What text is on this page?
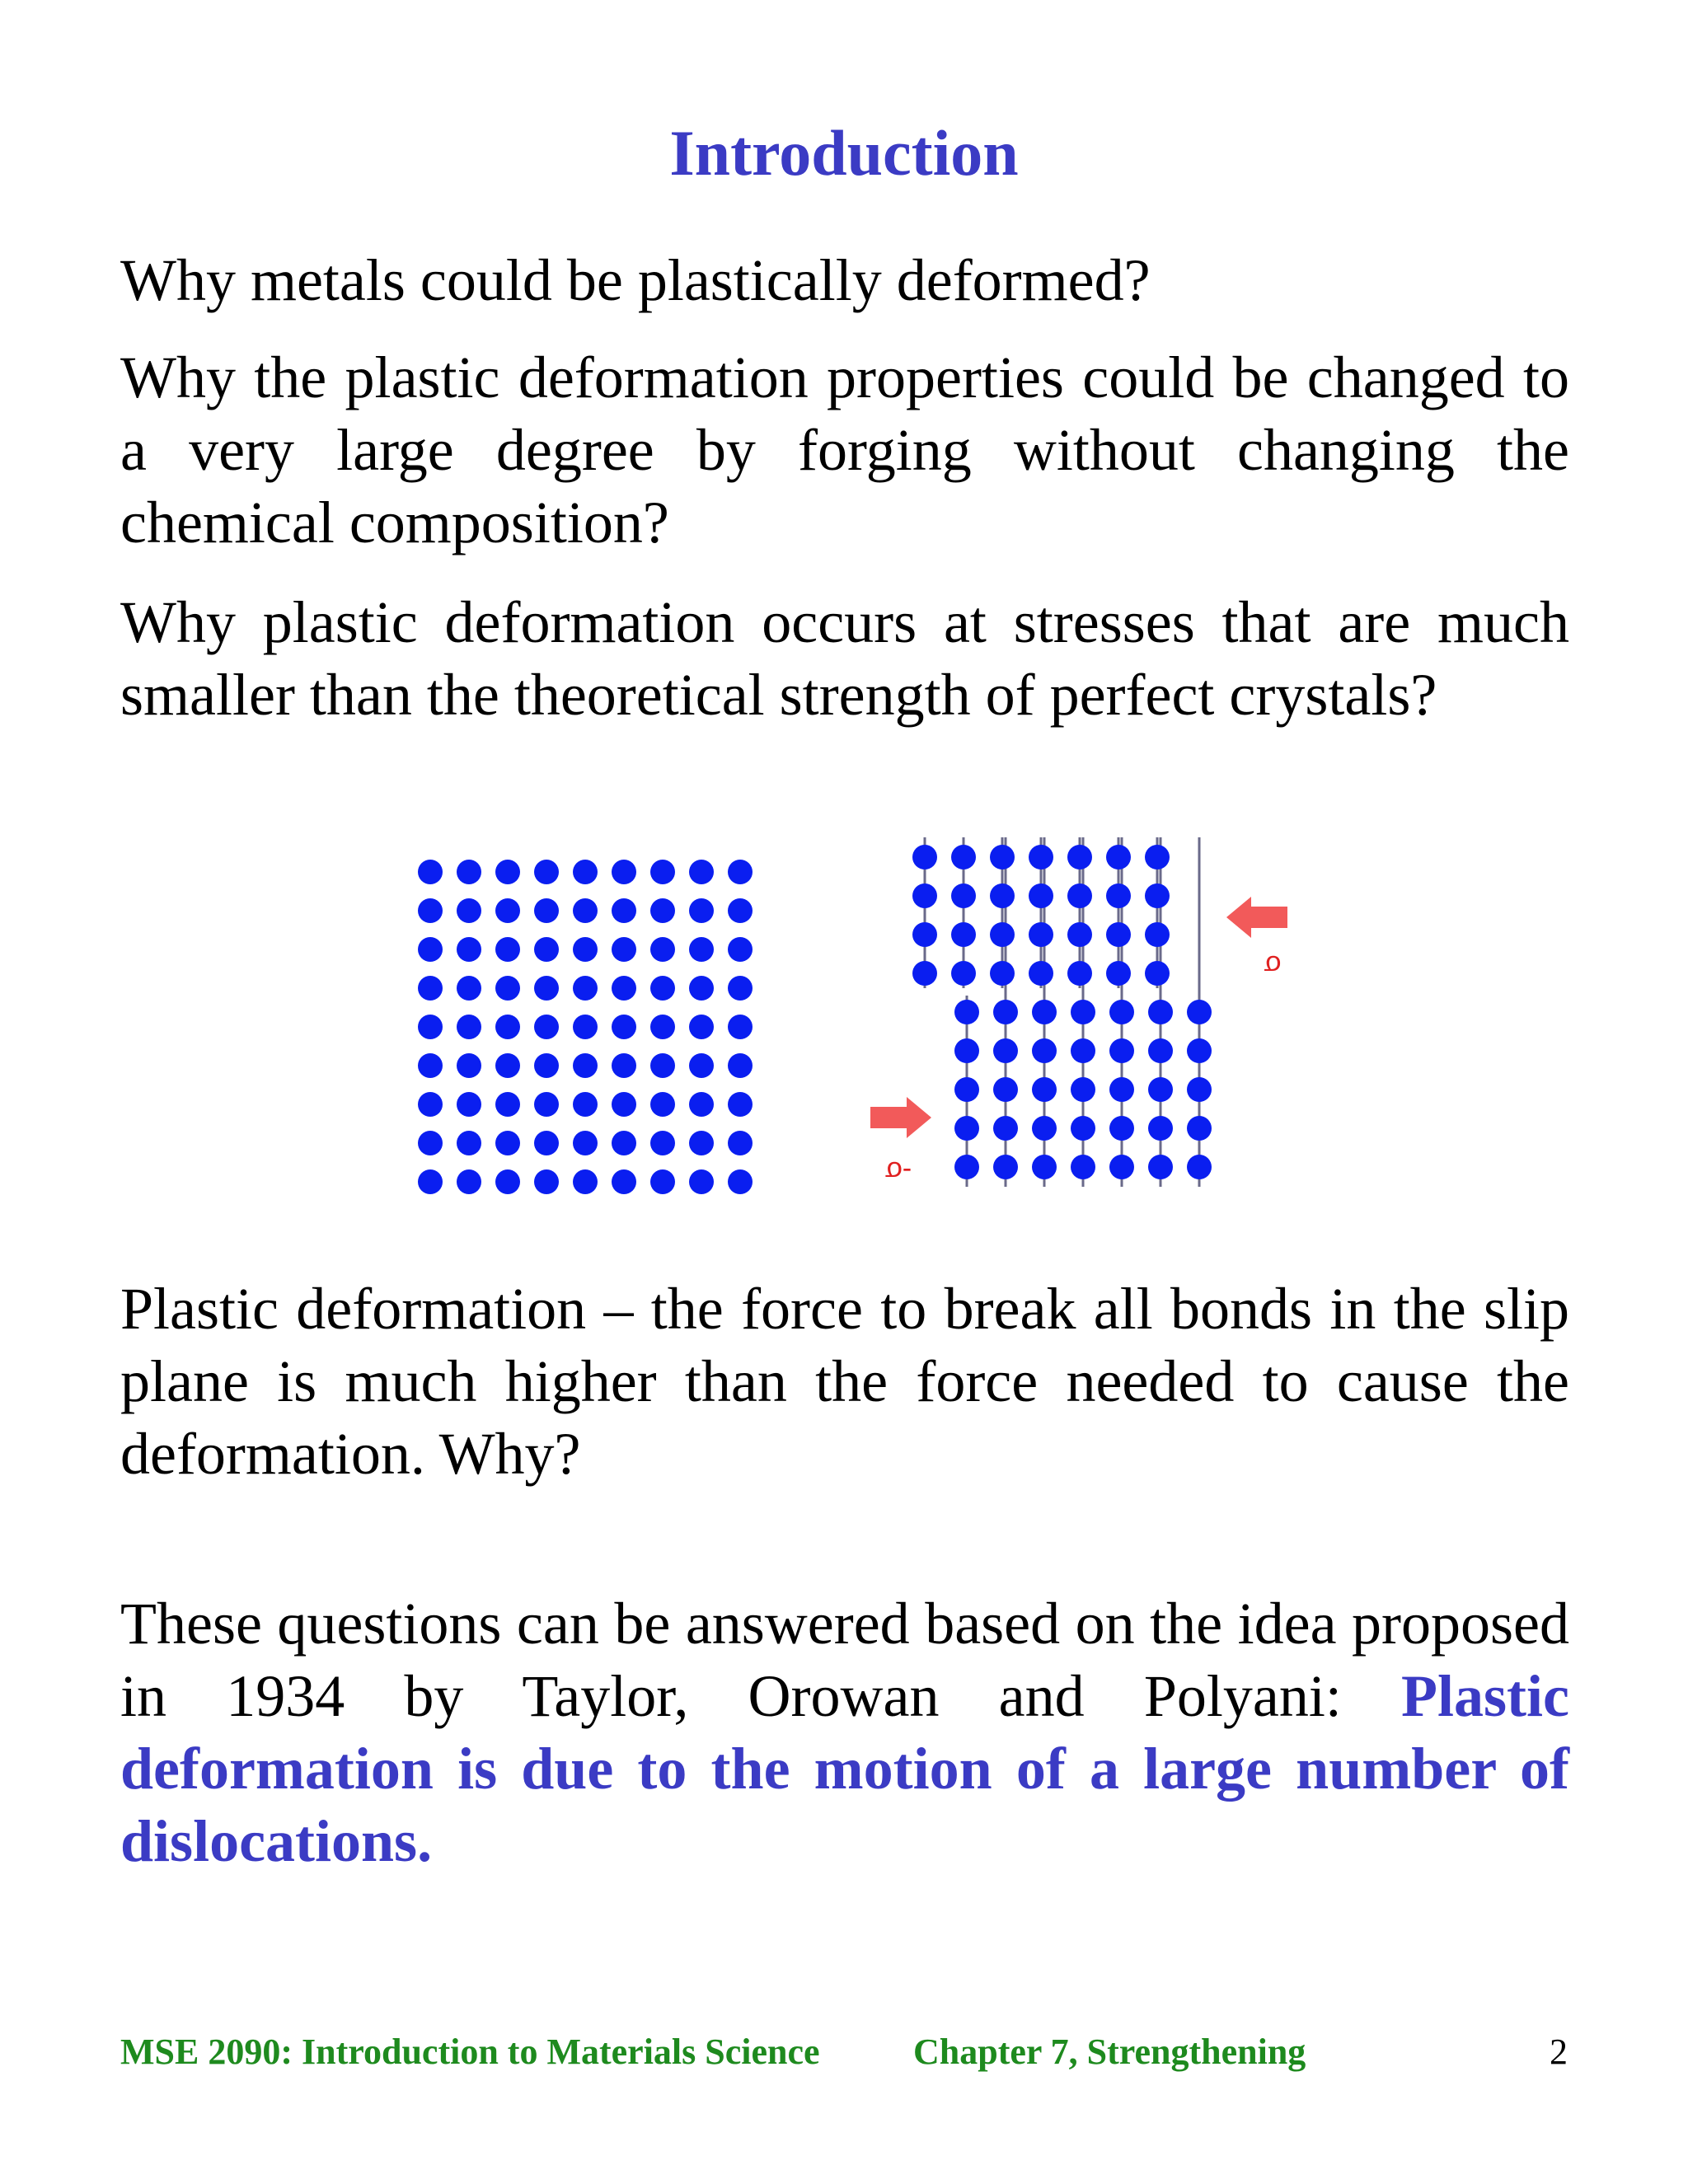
Introduction

Why metals could be plastically deformed?

Why the plastic deformation properties could be changed to a very large degree by forging without changing the chemical composition?

Why plastic deformation occurs at stresses that are much smaller than the theoretical strength of perfect crystals?

σ
-σ

Plastic deformation – the force to break all bonds in the slip plane is much higher than the force needed to cause the deformation. Why?

These questions can be answered based on the idea proposed in 1934 by Taylor, Orowan and Polyani: Plastic deformation is due to the motion of a large number of dislocations.

MSE 2090: Introduction to Materials Science	Chapter 7, Strengthening	2
